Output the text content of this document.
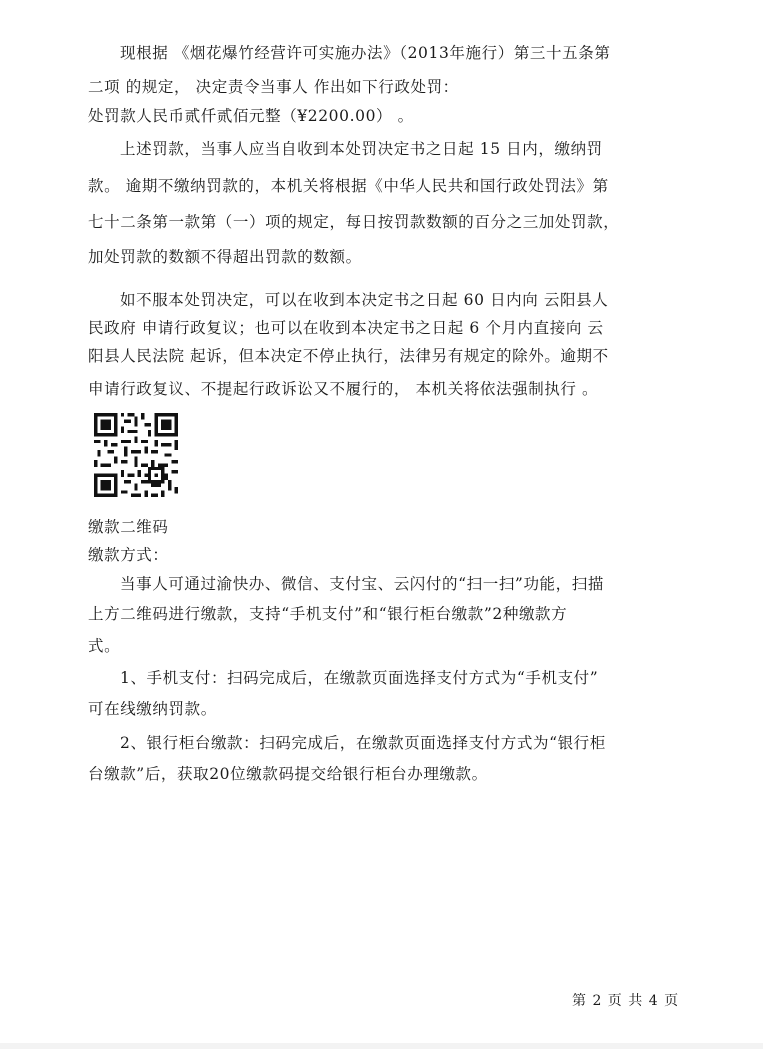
现根据 《烟花爆竹经营许可实施办法》（2013年施行）第三十五条第
二项 的规定， 决定责令当事人 作出如下行政处罚：
处罚款人民币贰仟贰佰元整（¥2200.00） 。
上述罚款，当事人应当自收到本处罚决定书之日起 15 日内，缴纳罚
款。 逾期不缴纳罚款的，本机关将根据《中华人民共和国行政处罚法》第
七十二条第一款第（一）项的规定，每日按罚款数额的百分之三加处罚款，
加处罚款的数额不得超出罚款的数额。
如不服本处罚决定，可以在收到本决定书之日起 60 日内向 云阳县人
民政府 申请行政复议；也可以在收到本决定书之日起 6 个月内直接向 云
阳县人民法院 起诉，但本决定不停止执行，法律另有规定的除外。逾期不
申请行政复议、不提起行政诉讼又不履行的， 本机关将依法强制执行 。
缴款二维码
缴款方式：
当事人可通过渝快办、微信、支付宝、云闪付的“扫一扫”功能，扫描
上方二维码进行缴款，支持“手机支付”和“银行柜台缴款”2种缴款方
式。
1、手机支付：扫码完成后，在缴款页面选择支付方式为“手机支付”
可在线缴纳罚款。
2、银行柜台缴款：扫码完成后，在缴款页面选择支付方式为“银行柜
台缴款”后，获取20位缴款码提交给银行柜台办理缴款。
第 2 页 共 4 页
